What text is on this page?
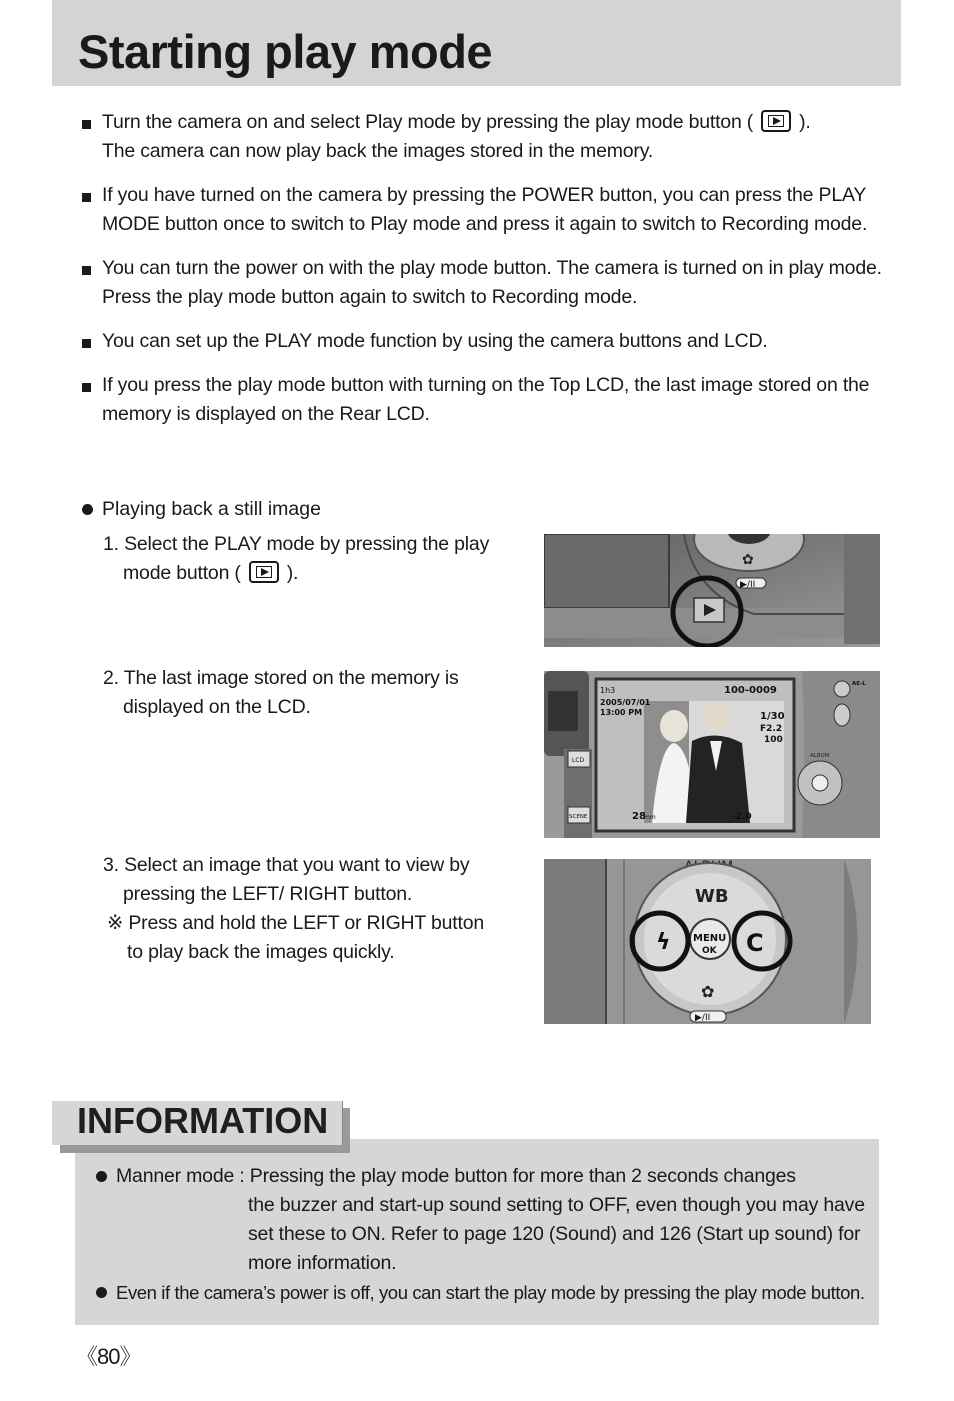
Starting play mode
Turn the camera on and select Play mode by pressing the play mode button ( ).
The camera can now play back the images stored in the memory.
If you have turned on the camera by pressing the POWER button, you can press the PLAY
MODE button once to switch to Play mode and press it again to switch to Recording mode.
You can turn the power on with the play mode button. The camera is turned on in play mode.
Press the play mode button again to switch to Recording mode.
You can set up the PLAY mode function by using the camera buttons and LCD.
If you press the play mode button with turning on the Top LCD, the last image stored on the
memory is displayed on the Rear LCD.
Playing back a still image
1. Select the PLAY mode by pressing the play

mode button ( ).
2. The last image stored on the memory is

displayed on the LCD.
3. Select an image that you want to view by

pressing the LEFT/ RIGHT button.
※ Press and hold the LEFT or RIGHT button
to play back the images quickly.
✿
▶/II
LCD
SCENE
1h3	100-0009
2005/07/01
13:00 PM	1/30
F2.2
100
28
mm	-2.0
AE-L
ALBUM
WB
MENU
OK
ϟ	C
✿
▶/II
INFORMATION
Manner mode : Pressing the play mode button for more than 2 seconds changes
the buzzer and start-up sound setting to OFF, even though you may have
set these to ON. Refer to page 120 (Sound) and 126 (Start up sound) for
more information.
Even if the camera’s power is off, you can start the play mode by pressing the play mode button.
《80》
